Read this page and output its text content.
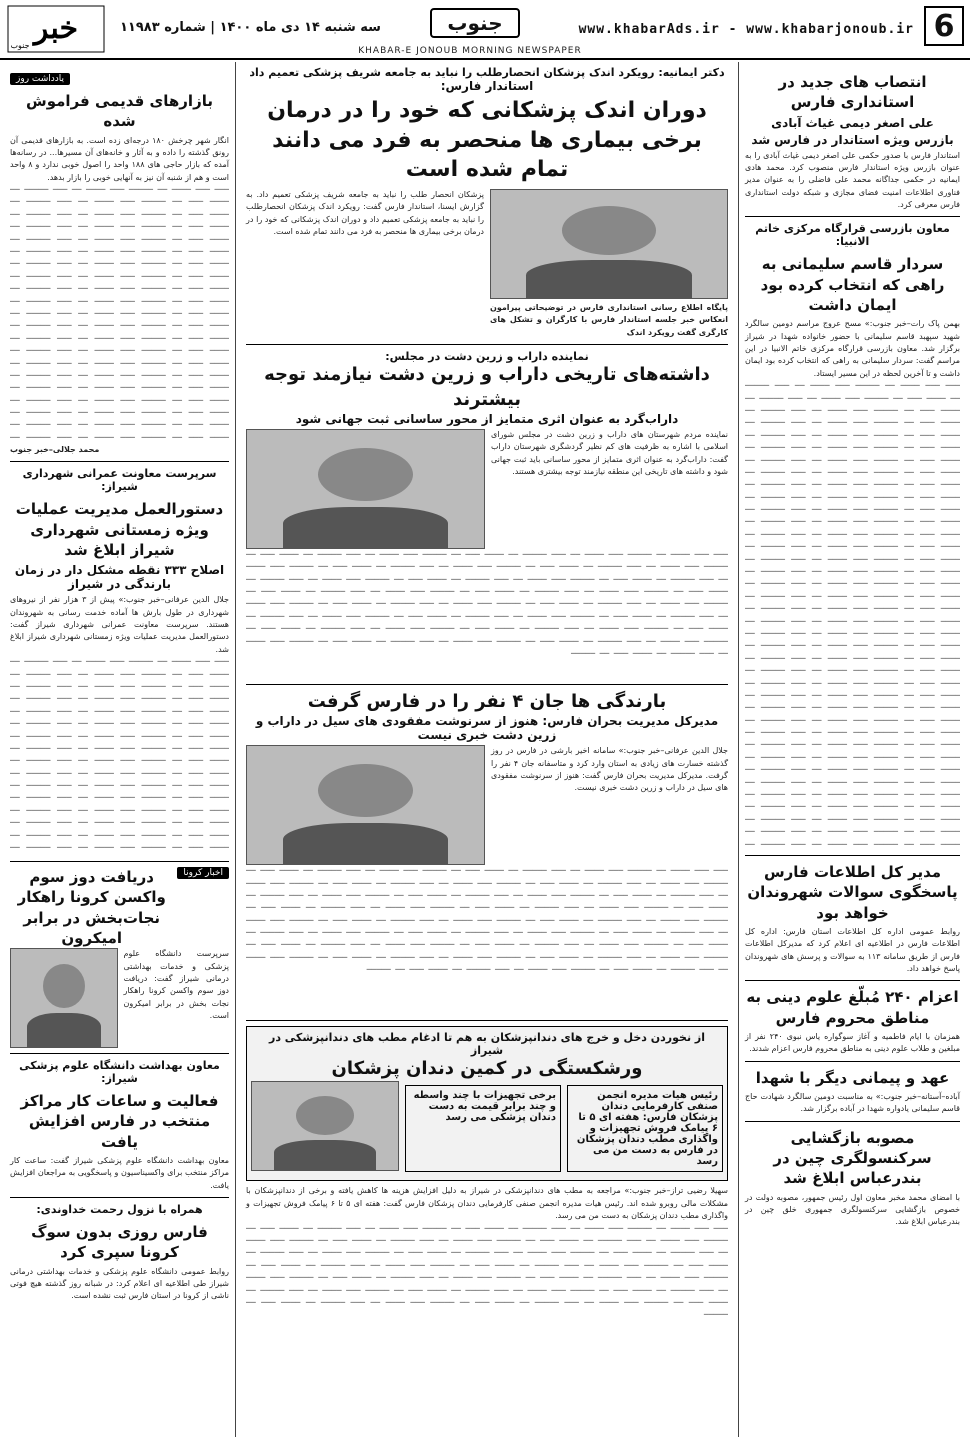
6
www.khabarAds.ir - www.khabarjonoub.ir
جنوب
سه شنبه ۱۴ دی ماه ۱۴۰۰ | شماره ۱۱۹۸۳
خبر
جنوب
KHABAR-E JONOUB MORNING NEWSPAPER
انتصاب های جدید در استانداری فارس
علی اصغر دیمی غیاث آبادی
بازرس ویژه استاندار در فارس شد
استاندار فارس با صدور حکمی علی اصغر دیمی غیاث آبادی را به عنوان بازرس ویژه استاندار فارس منصوب کرد. محمد هادی ایمانیه در حکمی جداگانه محمد علی فاضلی را به عنوان مدیر فناوری اطلاعات امنیت فضای مجازی و شبکه دولت استانداری فارس معرفی کرد.
معاون بازرسی قرارگاه مرکزی خاتم الانبیا:
سردار قاسم سلیمانی به راهی که انتخاب کرده بود ایمان داشت
بهمن پاک رات–خبر جنوب:» مسح عروج مراسم دومین سالگرد شهید سپهبد قاسم سلیمانی با حضور خانواده شهدا در شیراز برگزار شد. معاون بازرسی قرارگاه مرکزی خاتم الانبیا در این مراسم گفت: سردار سلیمانی به راهی که انتخاب کرده بود ایمان داشت و تا آخرین لحظه در این مسیر ایستاد.
─── ─── ──── ── ───── ─── ──── ── ─── ───── ── ──── ─── ── ───── ─── ──── ── ─── ───── ── ──── ─── ── ───── ─── ──── ── ─── ───── ── ──── ─── ── ───── ─── ──── ── ─── ───── ── ──── ─── ── ───── ─── ──── ── ─── ───── ── ──── ─── ── ───── ─── ──── ── ─── ───── ── ──── ─── ── ───── ─── ──── ── ─── ───── ── ──── ─── ── ───── ─── ──── ── ─── ───── ── ──── ─── ── ───── ─── ──── ── ─── ───── ── ──── ─── ── ───── ─── ──── ── ─── ───── ── ──── ─── ── ───── ─── ──── ── ─── ───── ── ──── ─── ── ───── ─── ──── ── ─── ───── ── ──── ─── ── ───── ─── ──── ── ─── ───── ── ──── ─── ── ───── ─── ──── ── ─── ───── ── ──── ─── ── ───── ─── ──── ── ─── ───── ── ──── ─── ── ───── ─── ──── ── ─── ───── ── ──── ─── ── ───── ─── ──── ── ─── ───── ── ──── ─── ── ───── ─── ──── ── ─── ───── ── ──── ─── ── ───── ─── ──── ── ─── ───── ── ──── ─── ── ───── ─── ──── ── ─── ───── ── ──── ─── ── ───── ─── ──── ── ─── ───── ── ──── ─── ── ───── ─── ──── ── ─── ───── ── ──── ─── ── ───── ─── ──── ── ─── ───── ── ──── ─── ── ───── ─── ──── ── ─── ───── ── ──── ─── ── ───── ─── ──── ── ─── ───── ── ──── ─── ── ───── ─── ──── ── ─── ───── ── ──── ─── ── ───── ─── ──── ── ─── ───── ── ──── ─── ── ───── ─── ──── ── ─── ───── ── ──── ─── ── ───── ─── ──── ── ─── ───── ── ──── ─── ── ───── ─── ──── ── ─── ───── ── ──── ─── ── ───── ─── ──── ── ─── ───── ── ──── ─── ── ───── ─── ──── ── ─── ───── ── ──── ─── ── ───── ─── ──── ── ─── ───── ── ──── ─── ── ───── ─── ──── ── ─── ───── ── ──── ─── ── ───── ─── ──── ── ─── ───── ── ──── ─── ── ───── ─── ──── ── ─── ───── ── ──── ─── ── ───── ─── ──── ── ─── ───── ── ──── ─── ── ───── ─── ──── ── ─── ───── ──
مدیر کل اطلاعات فارس پاسخگوی سوالات شهروندان خواهد بود
روابط عمومی اداره کل اطلاعات استان فارس: اداره کل اطلاعات فارس در اطلاعیه ای اعلام کرد که مدیرکل اطلاعات فارس از طریق سامانه ۱۱۳ به سوالات و پرسش های شهروندان پاسخ خواهد داد.
اعزام ۲۴۰ مُبلّغ علوم دینی به مناطق محروم فارس
همزمان با ایام فاطمیه و آغاز سوگواره یاس نبوی ۲۴۰ نفر از مبلغین و طلاب علوم دینی به مناطق محروم فارس اعزام شدند.
عهد و پیمانی دیگر با شهدا
آباده–آستانه–خبر جنوب:» به مناسبت دومین سالگرد شهادت حاج قاسم سلیمانی یادواره شهدا در آباده برگزار شد.
مصوبه بازگشایی سرکنسولگری چین در بندرعباس ابلاغ شد
با امضای محمد مخبر معاون اول رئیس جمهور، مصوبه دولت در خصوص بازگشایی سرکنسولگری جمهوری خلق چین در بندرعباس ابلاغ شد.
یادداشت روز
بازارهای قدیمی فراموش شده
انگار شهر چرخش ۱۸۰ درجه‌ای زده است. به بازارهای قدیمی آن رونق گذشته را داده و به آثار و خانه‌های آن مسیرها... در رسانه‌ها آمده که بازار حاجی های ۱۸۸ واحد را اصول خوبی ندارد و ۸ واحد است و هم از شنبه آن نیز به آنهایی خوبی را بازار بدهد.
─── ─── ──── ── ───── ─── ──── ── ─── ───── ── ──── ─── ── ───── ─── ──── ── ─── ───── ── ──── ─── ── ───── ─── ──── ── ─── ───── ── ──── ─── ── ───── ─── ──── ── ─── ───── ── ──── ─── ── ───── ─── ──── ── ─── ───── ── ──── ─── ── ───── ─── ──── ── ─── ───── ── ──── ─── ── ───── ─── ──── ── ─── ───── ── ──── ─── ── ───── ─── ──── ── ─── ───── ── ──── ─── ── ───── ─── ──── ── ─── ───── ── ──── ─── ── ───── ─── ──── ── ─── ───── ── ──── ─── ── ───── ─── ──── ── ─── ───── ── ──── ─── ── ───── ─── ──── ── ─── ───── ── ──── ─── ── ───── ─── ──── ── ─── ───── ── ──── ─── ── ───── ─── ──── ── ─── ───── ── ──── ─── ── ───── ─── ──── ── ─── ───── ── ──── ─── ── ───── ─── ──── ── ─── ───── ── ──── ─── ── ───── ─── ──── ── ─── ───── ── ──── ─── ── ───── ─── ──── ── ─── ───── ── ──── ─── ── ───── ─── ──── ── ─── ───── ── ──── ─── ── ───── ─── ──── ── ─── ───── ── ──── ─── ── ───── ─── ──── ── ─── ───── ──
محمد جلالی–خبر جنوب
سرپرست معاونت عمرانی شهرداری شیراز:
دستورالعمل مدیریت عملیات ویژه زمستانی شهرداری شیراز ابلاغ شد
اصلاح ۳۳۳ نقطه مشکل دار در زمان بارندگی در شیراز
جلال الدین عرفانی–خبر جنوب:» پیش از ۳ هزار نفر از نیروهای شهرداری در طول بارش ها آماده خدمت رسانی به شهروندان هستند. سرپرست معاونت عمرانی شهرداری شیراز گفت: دستورالعمل مدیریت عملیات ویژه زمستانی شهرداری شیراز ابلاغ شد.
─── ─── ──── ── ───── ─── ──── ── ─── ───── ── ──── ─── ── ───── ─── ──── ── ─── ───── ── ──── ─── ── ───── ─── ──── ── ─── ───── ── ──── ─── ── ───── ─── ──── ── ─── ───── ── ──── ─── ── ───── ─── ──── ── ─── ───── ── ──── ─── ── ───── ─── ──── ── ─── ───── ── ──── ─── ── ───── ─── ──── ── ─── ───── ── ──── ─── ── ───── ─── ──── ── ─── ───── ── ──── ─── ── ───── ─── ──── ── ─── ───── ── ──── ─── ── ───── ─── ──── ── ─── ───── ── ──── ─── ── ───── ─── ──── ── ─── ───── ── ──── ─── ── ───── ─── ──── ── ─── ───── ── ──── ─── ── ───── ─── ──── ── ─── ───── ── ──── ─── ── ───── ─── ──── ── ─── ───── ── ──── ─── ── ───── ─── ──── ── ─── ───── ── ──── ─── ── ───── ─── ──── ── ─── ───── ──
اخبار کرونا
دریافت دوز سوم واکسن کرونا راهکار نجات‌بخش در برابر امیکرون
سرپرست دانشگاه علوم پزشکی و خدمات بهداشتی درمانی شیراز گفت: دریافت دوز سوم واکسن کرونا راهکار نجات بخش در برابر امیکرون است.
معاون بهداشت دانشگاه علوم پزشکی شیراز:
فعالیت و ساعات کار مراکز منتخب در فارس افزایش یافت
معاون بهداشت دانشگاه علوم پزشکی شیراز گفت: ساعت کار مراکز منتخب برای واکسیناسیون و پاسخگویی به مراجعان افزایش یافت.
همراه با نزول رحمت خداوندی:
فارس روزی بدون سوگ کرونا سپری کرد
روابط عمومی دانشگاه علوم پزشکی و خدمات بهداشتی درمانی شیراز طی اطلاعیه ای اعلام کرد: در شبانه روز گذشته هیچ فوتی ناشی از کرونا در استان فارس ثبت نشده است.
دکتر ایمانیه: رویکرد اندک پزشکان انحصارطلب را نباید به جامعه شریف پزشکی تعمیم داد
استاندار فارس:
دوران اندک پزشکانی که خود را در درمان برخی بیماری ها منحصر به فرد می دانند تمام شده است
پایگاه اطلاع رسانی استانداری فارس در توضیحاتی پیرامون انعکاس خبر جلسه استاندار فارس با کارگران و تشکل های کارگری گفت رویکرد اندک
پزشکان انحصار طلب را نباید به جامعه شریف پزشکی تعمیم داد. به گزارش ایسنا، استاندار فارس گفت: رویکرد اندک پزشکان انحصارطلب را نباید به جامعه پزشکی تعمیم داد و دوران اندک پزشکانی که خود را در درمان برخی بیماری ها منحصر به فرد می دانند تمام شده است.
نماینده داراب و زرین دشت در مجلس:
داشته‌های تاریخی داراب و زرین دشت نیازمند توجه بیشترند
داراب‌گرد به عنوان اثری متمایز از محور ساسانی ثبت جهانی شود
نماینده مردم شهرستان های داراب و زرین دشت در مجلس شورای اسلامی با اشاره به ظرفیت های کم نظیر گردشگری شهرستان داراب گفت: داراب‌گرد به عنوان اثری متمایز از محور ساسانی باید ثبت جهانی شود و داشته های تاریخی این منطقه نیازمند توجه بیشتری هستند.
─── ─── ──── ── ───── ─── ──── ── ─── ───── ── ──── ─── ── ───── ─── ──── ── ─── ───── ── ──── ─── ── ───── ─── ──── ── ─── ───── ── ──── ─── ── ───── ─── ──── ── ─── ───── ── ──── ─── ── ───── ─── ──── ── ─── ───── ── ──── ─── ── ───── ─── ──── ── ─── ───── ── ──── ─── ── ───── ─── ──── ── ─── ───── ── ──── ─── ── ───── ─── ──── ── ─── ───── ── ──── ─── ── ───── ─── ──── ── ─── ───── ── ──── ─── ── ───── ─── ──── ── ─── ───── ── ──── ─── ── ───── ─── ──── ── ─── ───── ── ──── ─── ── ───── ─── ──── ── ─── ───── ── ──── ─── ── ───── ─── ──── ── ─── ───── ── ──── ─── ── ───── ─── ──── ── ─── ───── ── ──── ─── ── ───── ─── ──── ── ─── ───── ── ──── ─── ── ───── ─── ──── ── ─── ───── ── ──── ─── ── ───── ─── ──── ── ─── ───── ── ──── ─── ── ───── ─── ──── ── ─── ───── ── ──── ─── ── ───── ─── ──── ── ─── ───── ── ──── ─── ── ─────
بارندگی ها جان ۴ نفر را در فارس گرفت
مدیرکل مدیریت بحران فارس: هنوز از سرنوشت مفقودی های سیل در داراب و زرین دشت خبری نیست
جلال الدین عرفانی–خبر جنوب:» سامانه اخیر بارشی در فارس در روز گذشته خسارت های زیادی به استان وارد کرد و متاسفانه جان ۴ نفر را گرفت. مدیرکل مدیریت بحران فارس گفت: هنوز از سرنوشت مفقودی های سیل در داراب و زرین دشت خبری نیست.
─── ─── ──── ── ───── ─── ──── ── ─── ───── ── ──── ─── ── ───── ─── ──── ── ─── ───── ── ──── ─── ── ───── ─── ──── ── ─── ───── ── ──── ─── ── ───── ─── ──── ── ─── ───── ── ──── ─── ── ───── ─── ──── ── ─── ───── ── ──── ─── ── ───── ─── ──── ── ─── ───── ── ──── ─── ── ───── ─── ──── ── ─── ───── ── ──── ─── ── ───── ─── ──── ── ─── ───── ── ──── ─── ── ───── ─── ──── ── ─── ───── ── ──── ─── ── ───── ─── ──── ── ─── ───── ── ──── ─── ── ───── ─── ──── ── ─── ───── ── ──── ─── ── ───── ─── ──── ── ─── ───── ── ──── ─── ── ───── ─── ──── ── ─── ───── ── ──── ─── ── ───── ─── ──── ── ─── ───── ── ──── ─── ── ───── ─── ──── ── ─── ───── ── ──── ─── ── ───── ─── ──── ── ─── ───── ── ──── ─── ── ───── ─── ──── ── ─── ───── ── ──── ─── ── ───── ─── ──── ── ─── ───── ── ──── ─── ── ───── ─── ──── ── ─── ───── ── ──── ─── ── ───── ─── ──── ── ─── ───── ── ──── ─── ── ─────
از نخوردن دخل و خرج های دندانپزشکان به هم تا ادغام مطب های دندانپزشکی در شیراز
ورشکستگی در کمین دندان پزشکان
رئیس هیات مدیره انجمن صنفی کارفرمایی دندان پزشکان فارس: هفته ای ۵ تا ۶ پیامک فروش تجهیزات و واگذاری مطب دندان پزشکان در فارس به دست من می رسد
برخی تجهیزات با چند واسطه و چند برابر قیمت به دست دندان پزشکی می رسد
سهیلا رضیی تراز–خبر جنوب:» مراجعه به مطب های دندانپزشکی در شیراز به دلیل افزایش هزینه ها کاهش یافته و برخی از دندانپزشکان با مشکلات مالی روبرو شده اند. رئیس هیات مدیره انجمن صنفی کارفرمایی دندان پزشکان فارس گفت: هفته ای ۵ تا ۶ پیامک فروش تجهیزات و واگذاری مطب دندان پزشکان به دست من می رسد.
─── ─── ──── ── ───── ─── ──── ── ─── ───── ── ──── ─── ── ───── ─── ──── ── ─── ───── ── ──── ─── ── ───── ─── ──── ── ─── ───── ── ──── ─── ── ───── ─── ──── ── ─── ───── ── ──── ─── ── ───── ─── ──── ── ─── ───── ── ──── ─── ── ───── ─── ──── ── ─── ───── ── ──── ─── ── ───── ─── ──── ── ─── ───── ── ──── ─── ── ───── ─── ──── ── ─── ───── ── ──── ─── ── ───── ─── ──── ── ─── ───── ── ──── ─── ── ───── ─── ──── ── ─── ───── ── ──── ─── ── ───── ─── ──── ── ─── ───── ── ──── ─── ── ───── ─── ──── ── ─── ───── ── ──── ─── ── ───── ─── ──── ── ─── ───── ── ──── ─── ── ───── ─── ──── ── ─── ───── ── ──── ─── ── ───── ─── ──── ── ─── ───── ── ──── ─── ── ───── ─── ──── ── ─── ───── ── ──── ─── ── ─────
